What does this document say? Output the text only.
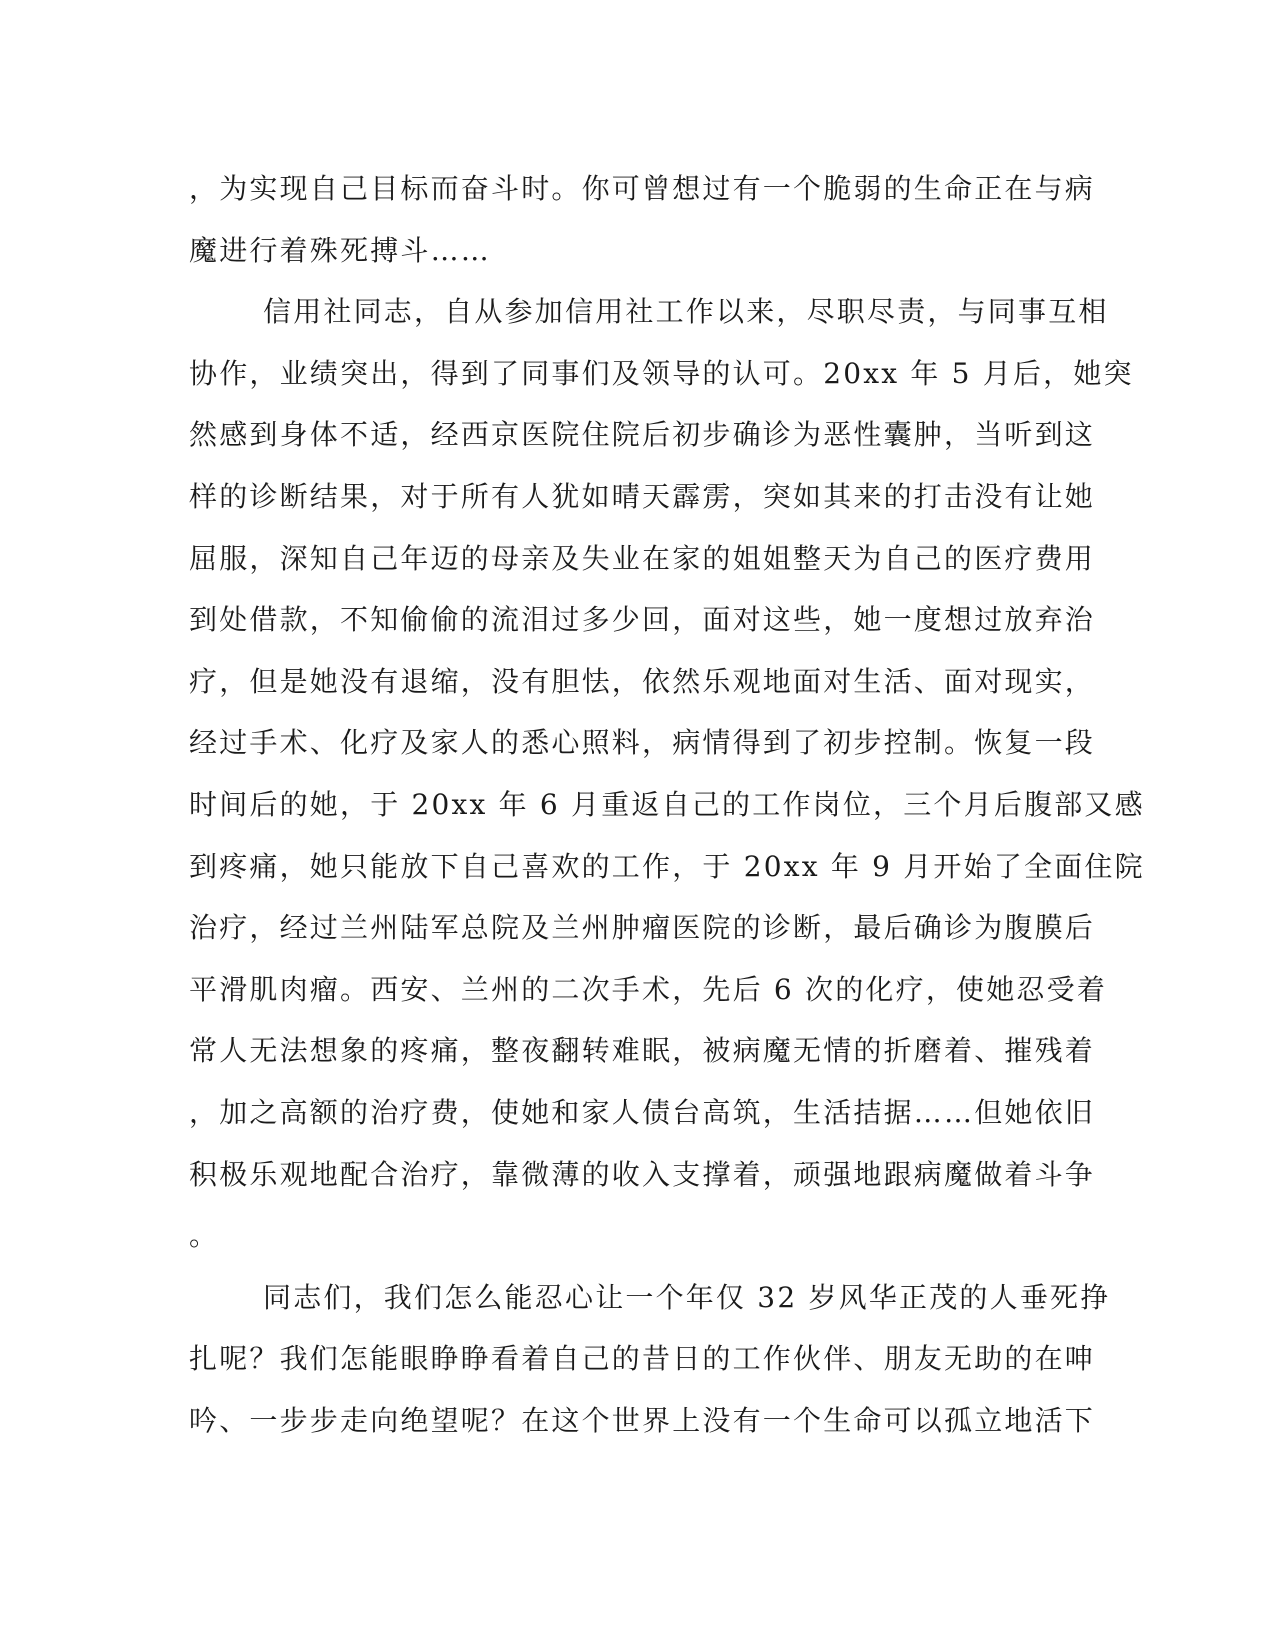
，为实现自己目标而奋斗时。你可曾想过有一个脆弱的生命正在与病
魔进行着殊死搏斗……
信用社同志，自从参加信用社工作以来，尽职尽责，与同事互相
协作，业绩突出，得到了同事们及领导的认可。20xx 年 5 月后，她突
然感到身体不适，经西京医院住院后初步确诊为恶性囊肿，当听到这
样的诊断结果，对于所有人犹如晴天霹雳，突如其来的打击没有让她
屈服，深知自己年迈的母亲及失业在家的姐姐整天为自己的医疗费用
到处借款，不知偷偷的流泪过多少回，面对这些，她一度想过放弃治
疗，但是她没有退缩，没有胆怯，依然乐观地面对生活、面对现实，
经过手术、化疗及家人的悉心照料，病情得到了初步控制。恢复一段
时间后的她，于 20xx 年 6 月重返自己的工作岗位，三个月后腹部又感
到疼痛，她只能放下自己喜欢的工作，于 20xx 年 9 月开始了全面住院
治疗，经过兰州陆军总院及兰州肿瘤医院的诊断，最后确诊为腹膜后
平滑肌肉瘤。西安、兰州的二次手术，先后 6 次的化疗，使她忍受着
常人无法想象的疼痛，整夜翻转难眠，被病魔无情的折磨着、摧残着
，加之高额的治疗费，使她和家人债台高筑，生活拮据……但她依旧
积极乐观地配合治疗，靠微薄的收入支撑着，顽强地跟病魔做着斗争
。
同志们，我们怎么能忍心让一个年仅 32 岁风华正茂的人垂死挣
扎呢？我们怎能眼睁睁看着自己的昔日的工作伙伴、朋友无助的在呻
吟、一步步走向绝望呢？在这个世界上没有一个生命可以孤立地活下
